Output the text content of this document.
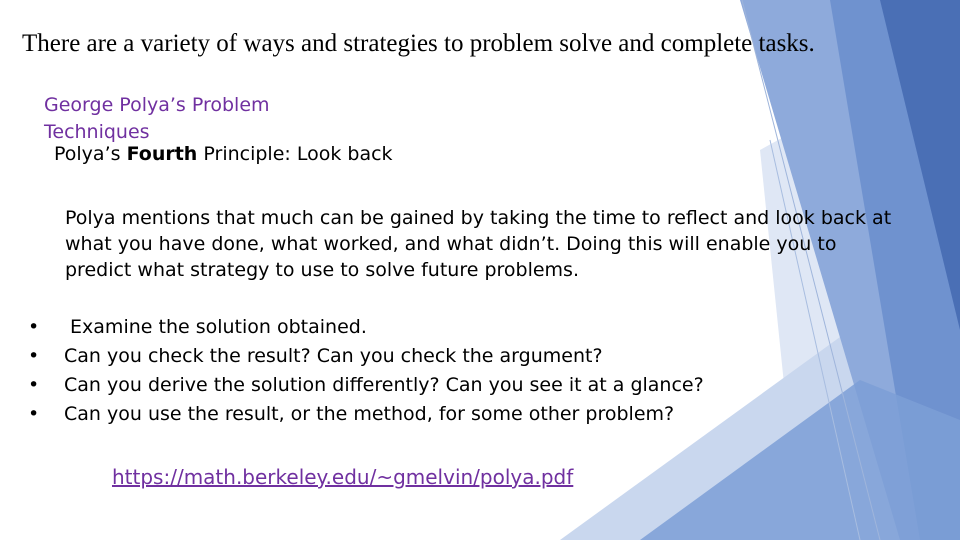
There are a variety of ways and strategies to problem solve and complete tasks.
George Polya’s Problem
Techniques
Polya’s Fourth Principle: Look back
Polya mentions that much can be gained by taking the time to reflect and look back at what you have done, what worked, and what didn’t. Doing this will enable you to predict what strategy to use to solve future problems.
• Examine the solution obtained.
• Can you check the result? Can you check the argument?
• Can you derive the solution differently? Can you see it at a glance?
• Can you use the result, or the method, for some other problem?
https://math.berkeley.edu/~gmelvin/polya.pdf
